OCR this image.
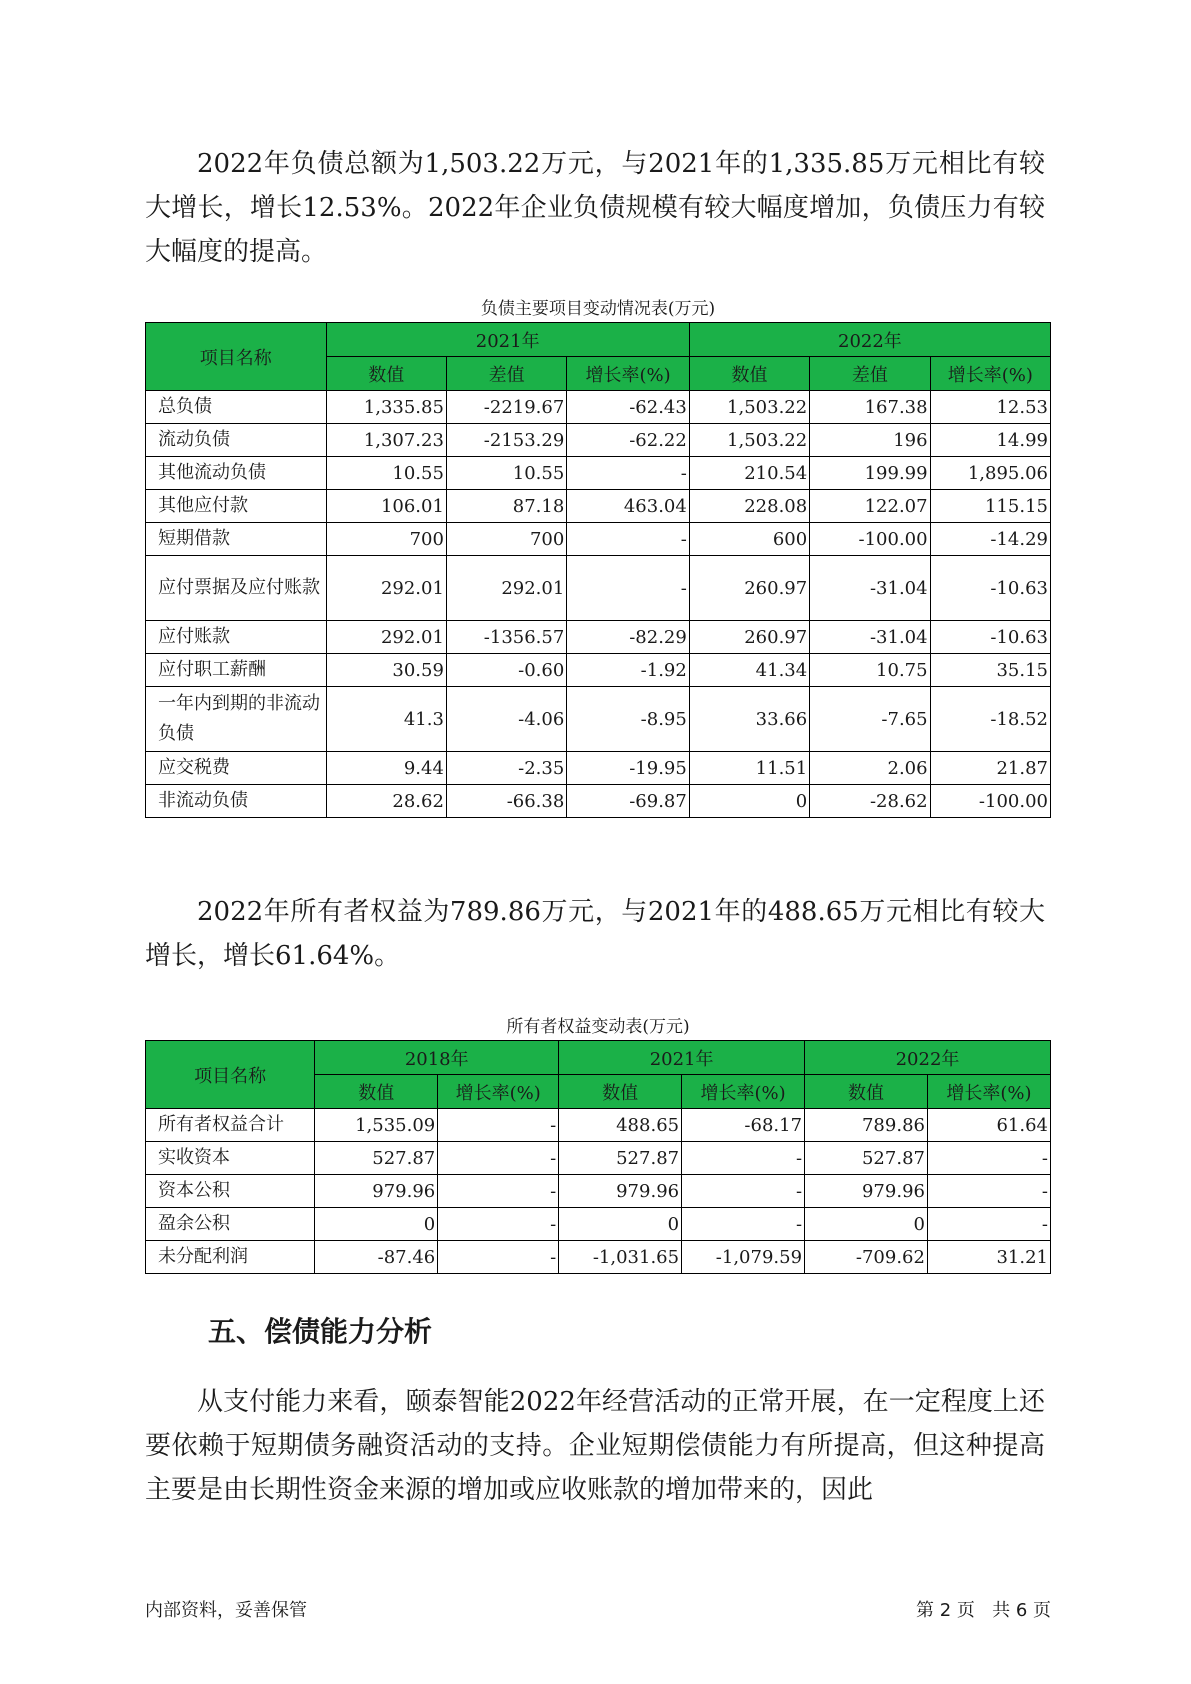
2022年负债总额为1,503.22万元，与2021年的1,335.85万元相比有较大增长，增长12.53%。2022年企业负债规模有较大幅度增加，负债压力有较大幅度的提高。

负债主要项目变动情况表(万元)
项目名称	2021年			2022年		
	数值	差值	增长率(%)	数值	差值	增长率(%)
总负债	1,335.85	-2219.67	-62.43	1,503.22	167.38	12.53
流动负债	1,307.23	-2153.29	-62.22	1,503.22	196	14.99
其他流动负债	10.55	10.55	-	210.54	199.99	1,895.06
其他应付款	106.01	87.18	463.04	228.08	122.07	115.15
短期借款	700	700	-	600	-100.00	-14.29
应付票据及应付账款	292.01	292.01	-	260.97	-31.04	-10.63
应付账款	292.01	-1356.57	-82.29	260.97	-31.04	-10.63
应付职工薪酬	30.59	-0.60	-1.92	41.34	10.75	35.15
一年内到期的非流动负债	41.3	-4.06	-8.95	33.66	-7.65	-18.52
应交税费	9.44	-2.35	-19.95	11.51	2.06	21.87
非流动负债	28.62	-66.38	-69.87	0	-28.62	-100.00

2022年所有者权益为789.86万元，与2021年的488.65万元相比有较大增长，增长61.64%。

所有者权益变动表(万元)
项目名称	2018年		2021年		2022年	
	数值	增长率(%)	数值	增长率(%)	数值	增长率(%)
所有者权益合计	1,535.09	-	488.65	-68.17	789.86	61.64
实收资本	527.87	-	527.87	-	527.87	-
资本公积	979.96	-	979.96	-	979.96	-
盈余公积	0	-	0	-	0	-
未分配利润	-87.46	-	-1,031.65	-1,079.59	-709.62	31.21
五、偿债能力分析

从支付能力来看，颐泰智能2022年经营活动的正常开展，在一定程度上还要依赖于短期债务融资活动的支持。企业短期偿债能力有所提高，但这种提高主要是由长期性资金来源的增加或应收账款的增加带来的，因此

内部资料，妥善保管	第 2 页   共 6 页
